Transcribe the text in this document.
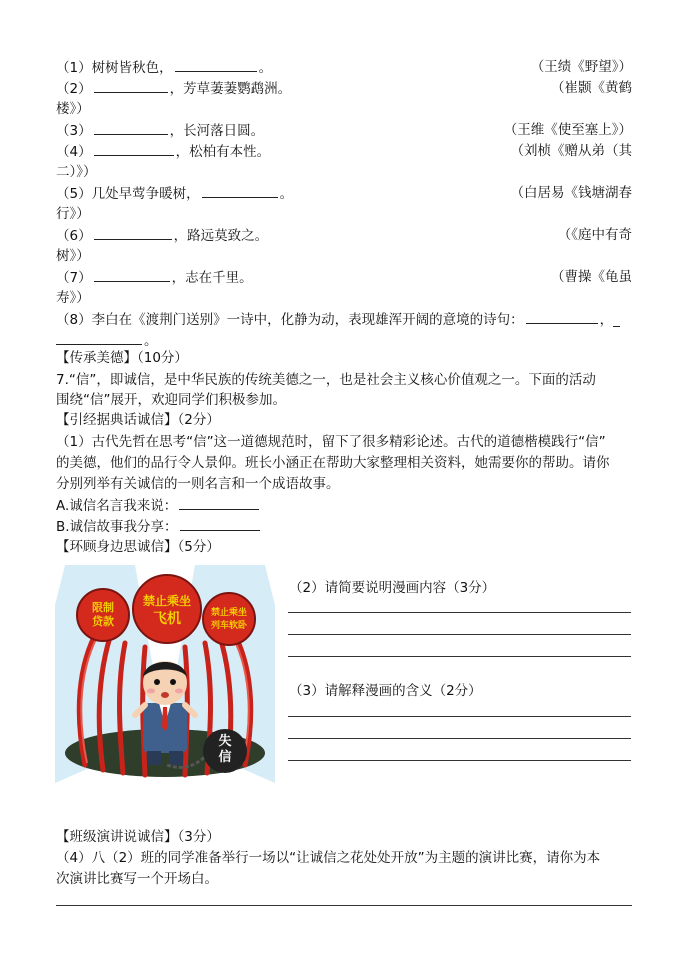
（1）树树皆秋色，	。	（王绩《野望》）
（2）	，芳草萋萋鹦鹉洲。	（崔颢《黄鹤
楼》）
（3）	，长河落日圆。	（王维《使至塞上》）
（4）	，松柏有本性。	（刘桢《赠从弟（其
二）》）
（5）几处早莺争暖树，	。	（白居易《钱塘湖春
行》）
（6）	，路远莫致之。	（《庭中有奇
树》）
（7）	，志在千里。	（曹操《龟虽
寿》）
（8）李白在《渡荆门送别》一诗中，化静为动，表现雄浑开阔的意境的诗句：	，_
。
【传承美德】（10分）
7.“信”，即诚信，是中华民族的传统美德之一，也是社会主义核心价值观之一。下面的活动
围绕“信”展开，欢迎同学们积极参加。
【引经据典话诚信】（2分）
（1）古代先哲在思考“信”这一道德规范时，留下了很多精彩论述。古代的道德楷模践行“信”
的美德，他们的品行令人景仰。班长小涵正在帮助大家整理相关资料，她需要你的帮助。请你
分别列举有关诚信的一则名言和一个成语故事。
A.诚信名言我来说：
B.诚信故事我分享：
【环顾身边思诚信】（5分）
失
信
限制
贷款
禁止乘坐
列车软卧
禁止乘坐
飞机
（2）请简要说明漫画内容（3分）
（3）请解释漫画的含义（2分）
【班级演讲说诚信】（3分）
（4）八（2）班的同学准备举行一场以“让诚信之花处处开放”为主题的演讲比赛，请你为本
次演讲比赛写一个开场白。
